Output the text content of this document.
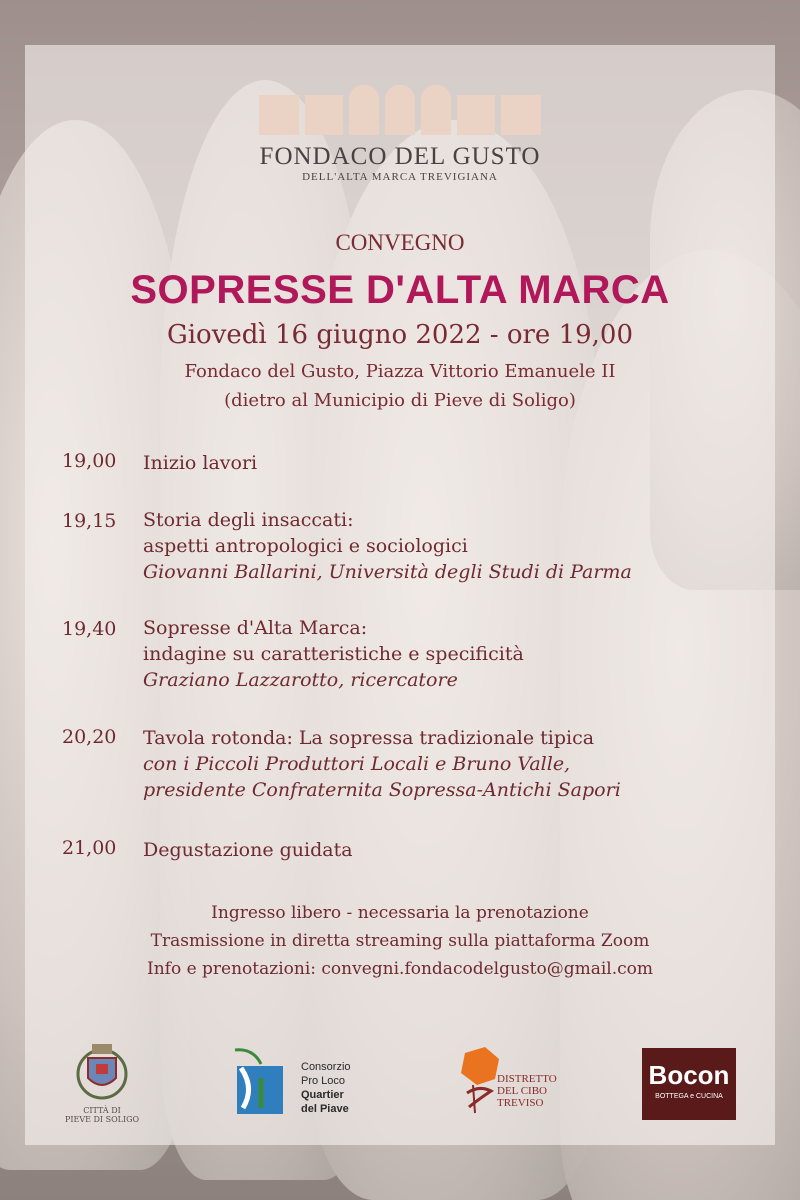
FONDACO DEL GUSTO
DELL'ALTA MARCA TREVIGIANA
CONVEGNO
SOPRESSE D'ALTA MARCA
Giovedì 16 giugno 2022 - ore 19,00
Fondaco del Gusto, Piazza Vittorio Emanuele II
(dietro al Municipio di Pieve di Soligo)
19,00	Inizio lavori
19,15	Storia degli insaccati:
aspetti antropologici e sociologici
Giovanni Ballarini, Università degli Studi di Parma
19,40	Sopresse d'Alta Marca:
indagine su caratteristiche e specificità
Graziano Lazzarotto, ricercatore
20,20	Tavola rotonda: La sopressa tradizionale tipica
con i Piccoli Produttori Locali e Bruno Valle,
presidente Confraternita Sopressa-Antichi Sapori
21,00	Degustazione guidata
Ingresso libero - necessaria la prenotazione
Trasmissione in diretta streaming sulla piattaforma Zoom
Info e prenotazioni: convegni.fondacodelgusto@gmail.com
CITTÀ DI
PIEVE DI SOLIGO
Consorzio
Pro Loco
Quartier
del Piave
DISTRETTO
DEL CIBO
TREVISO
Bocon
BOTTEGA e CUCINA
